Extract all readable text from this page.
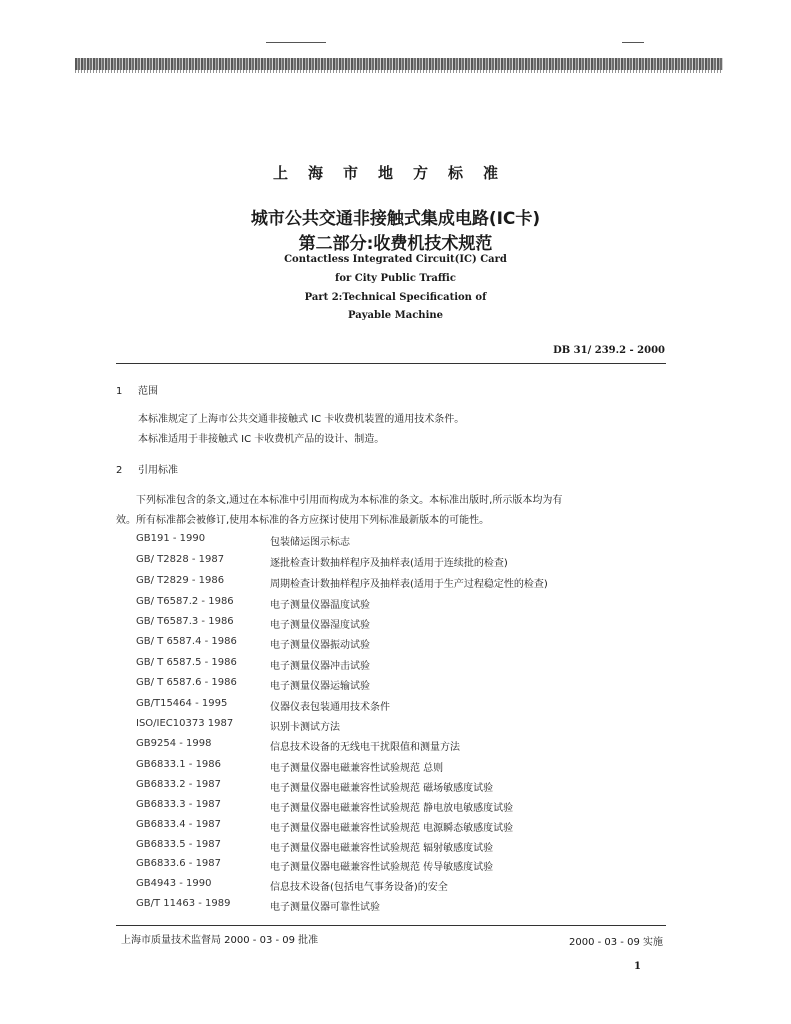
上海市地方标准
城市公共交通非接触式集成电路(IC卡)
第二部分:收费机技术规范
Contactless Integrated Circuit(IC) Card
for City Public Traffic
Part 2:Technical Specification of
Payable Machine
DB 31/ 239.2 - 2000
1 范围
本标准规定了上海市公共交通非接触式 IC 卡收费机装置的通用技术条件。
本标准适用于非接触式 IC 卡收费机产品的设计、制造。
2 引用标准
下列标准包含的条文,通过在本标准中引用而构成为本标准的条文。本标准出版时,所示版本均为有
效。所有标准都会被修订,使用本标准的各方应探讨使用下列标准最新版本的可能性。
GB191 - 1990	包装储运图示标志
GB/ T2828 - 1987	逐批检查计数抽样程序及抽样表(适用于连续批的检查)
GB/ T2829 - 1986	周期检查计数抽样程序及抽样表(适用于生产过程稳定性的检查)
GB/ T6587.2 - 1986	电子测量仪器温度试验
GB/ T6587.3 - 1986	电子测量仪器湿度试验
GB/ T 6587.4 - 1986	电子测量仪器振动试验
GB/ T 6587.5 - 1986	电子测量仪器冲击试验
GB/ T 6587.6 - 1986	电子测量仪器运输试验
GB/T15464 - 1995	仪器仪表包装通用技术条件
ISO/IEC10373 1987	识别卡测试方法
GB9254 - 1998	信息技术设备的无线电干扰限值和测量方法
GB6833.1 - 1986	电子测量仪器电磁兼容性试验规范 总则
GB6833.2 - 1987	电子测量仪器电磁兼容性试验规范 磁场敏感度试验
GB6833.3 - 1987	电子测量仪器电磁兼容性试验规范 静电放电敏感度试验
GB6833.4 - 1987	电子测量仪器电磁兼容性试验规范 电源瞬态敏感度试验
GB6833.5 - 1987	电子测量仪器电磁兼容性试验规范 辐射敏感度试验
GB6833.6 - 1987	电子测量仪器电磁兼容性试验规范 传导敏感度试验
GB4943 - 1990	信息技术设备(包括电气事务设备)的安全
GB/T 11463 - 1989	电子测量仪器可靠性试验
上海市质量技术监督局 2000 - 03 - 09 批准	2000 - 03 - 09 实施
1
